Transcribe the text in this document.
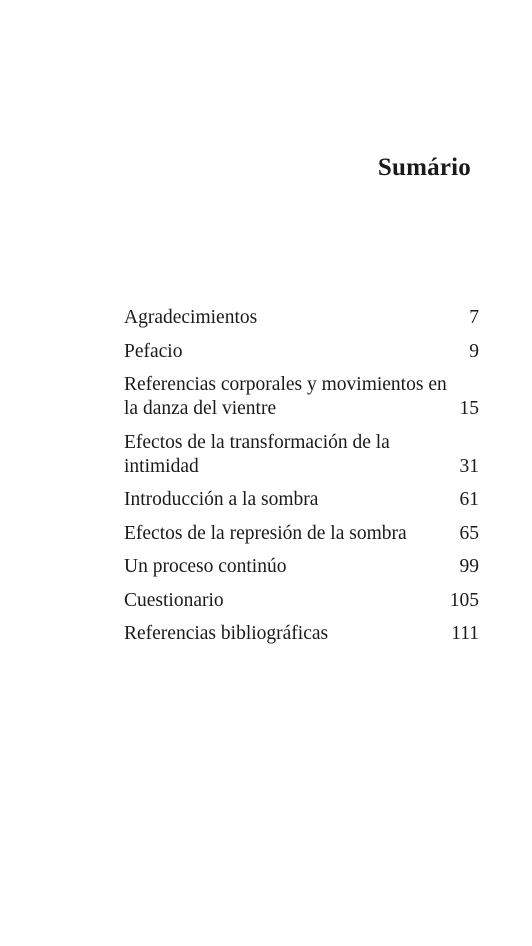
Sumário
Agradecimientos	7
Pefacio	9
Referencias corporales y movimientos en
la danza del vientre	15
Efectos de la transformación de la
intimidad	31
Introducción a la sombra	61
Efectos de la represión de la sombra	65
Un proceso continúo	99
Cuestionario	105
Referencias bibliográficas	111
